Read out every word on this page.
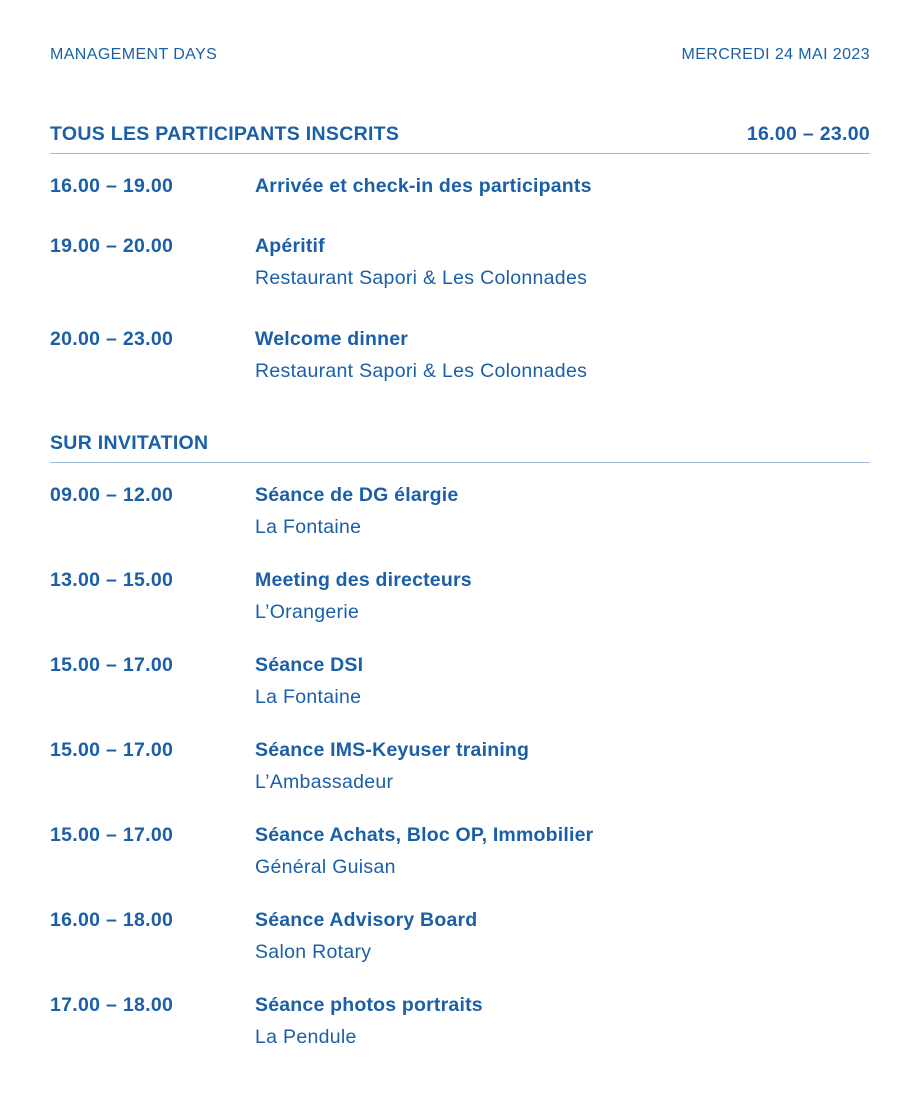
MANAGEMENT DAYS	MERCREDI 24 MAI 2023
TOUS LES PARTICIPANTS INSCRITS	16.00 – 23.00
16.00 – 19.00	Arrivée et check-in des participants
19.00 – 20.00	Apéritif
Restaurant Sapori & Les Colonnades
20.00 – 23.00	Welcome dinner
Restaurant Sapori & Les Colonnades
SUR INVITATION
09.00 – 12.00	Séance de DG élargie
La Fontaine
13.00 – 15.00	Meeting des directeurs
L’Orangerie
15.00 – 17.00	Séance DSI
La Fontaine
15.00 – 17.00	Séance IMS-Keyuser training
L’Ambassadeur
15.00 – 17.00	Séance Achats, Bloc OP, Immobilier
Général Guisan
16.00 – 18.00	Séance Advisory Board
Salon Rotary
17.00 – 18.00	Séance photos portraits
La Pendule
